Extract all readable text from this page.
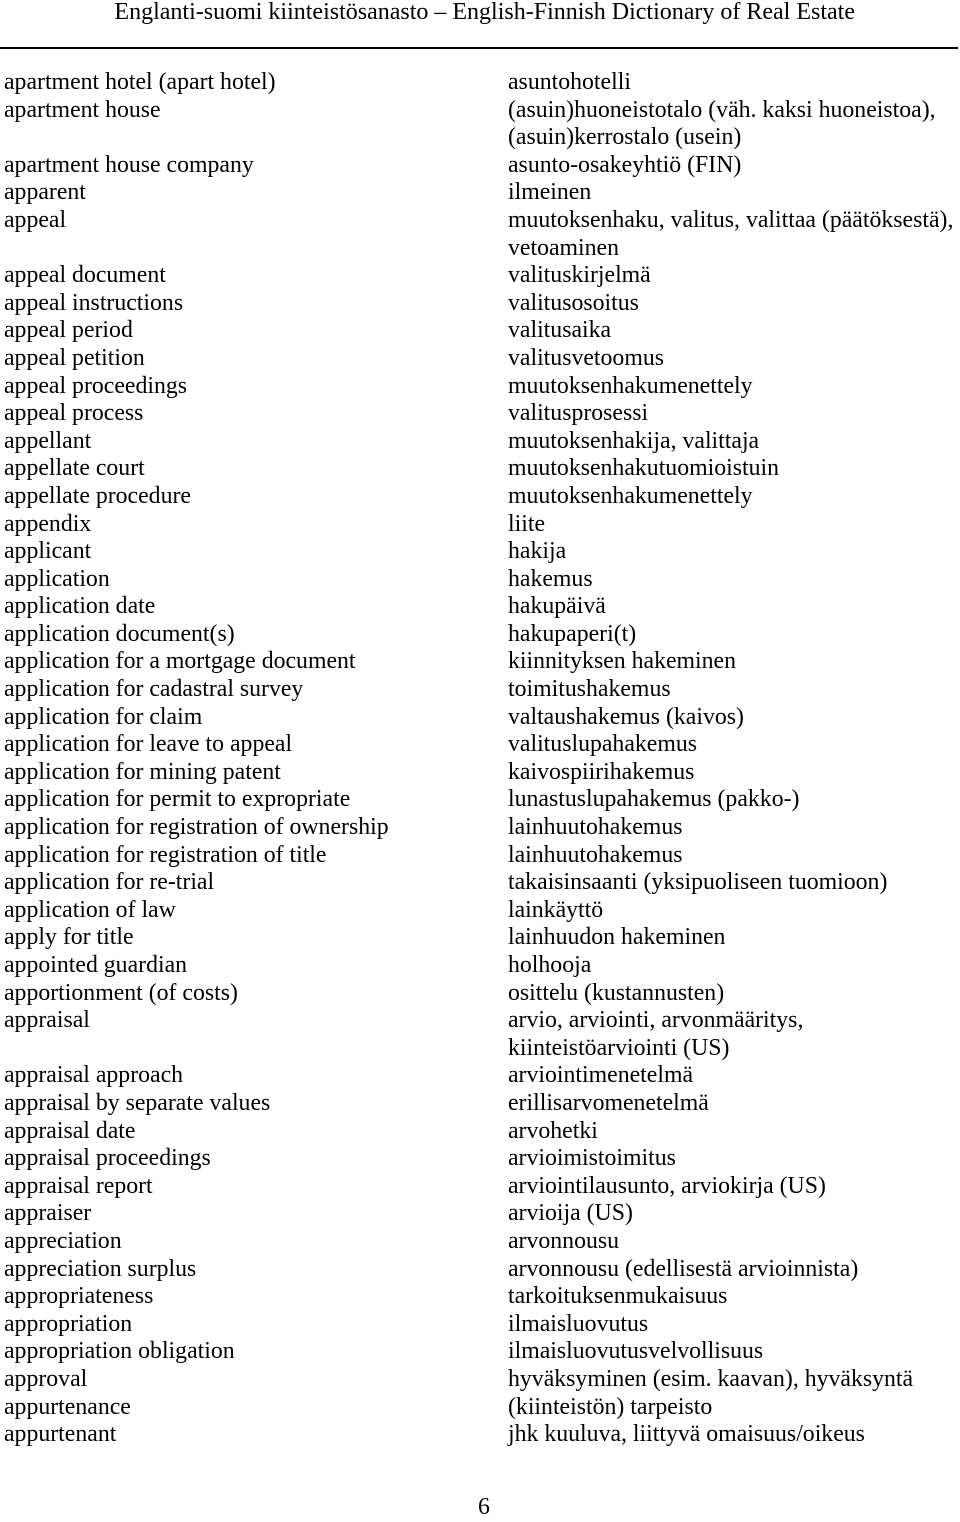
Englanti-suomi kiinteistösanasto – English-Finnish Dictionary of Real Estate
apartment hotel (apart hotel)	asuntohotelli
apartment house	(asuin)huoneistotalo (väh. kaksi huoneistoa),
(asuin)kerrostalo (usein)
apartment house company	asunto-osakeyhtiö (FIN)
apparent	ilmeinen
appeal	muutoksenhaku, valitus, valittaa (päätöksestä),
vetoaminen
appeal document	valituskirjelmä
appeal instructions	valitusosoitus
appeal period	valitusaika
appeal petition	valitusvetoomus
appeal proceedings	muutoksenhakumenettely
appeal process	valitusprosessi
appellant	muutoksenhakija, valittaja
appellate court	muutoksenhakutuomioistuin
appellate procedure	muutoksenhakumenettely
appendix	liite
applicant	hakija
application	hakemus
application date	hakupäivä
application document(s)	hakupaperi(t)
application for a mortgage document	kiinnityksen hakeminen
application for cadastral survey	toimitushakemus
application for claim	valtaushakemus (kaivos)
application for leave to appeal	valituslupahakemus
application for mining patent	kaivospiirihakemus
application for permit to expropriate	lunastuslupahakemus (pakko-)
application for registration of ownership	lainhuutohakemus
application for registration of title	lainhuutohakemus
application for re-trial	takaisinsaanti (yksipuoliseen tuomioon)
application of law	lainkäyttö
apply for title	lainhuudon hakeminen
appointed guardian	holhooja
apportionment (of costs)	osittelu (kustannusten)
appraisal	arvio, arviointi, arvonmääritys,
kiinteistöarviointi (US)
appraisal approach	arviointimenetelmä
appraisal by separate values	erillisarvomenetelmä
appraisal date	arvohetki
appraisal proceedings	arvioimistoimitus
appraisal report	arviointilausunto, arviokirja (US)
appraiser	arvioija (US)
appreciation	arvonnousu
appreciation surplus	arvonnousu (edellisestä arvioinnista)
appropriateness	tarkoituksenmukaisuus
appropriation	ilmaisluovutus
appropriation obligation	ilmaisluovutusvelvollisuus
approval	hyväksyminen (esim. kaavan), hyväksyntä
appurtenance	(kiinteistön) tarpeisto
appurtenant	jhk kuuluva, liittyvä omaisuus/oikeus
6
